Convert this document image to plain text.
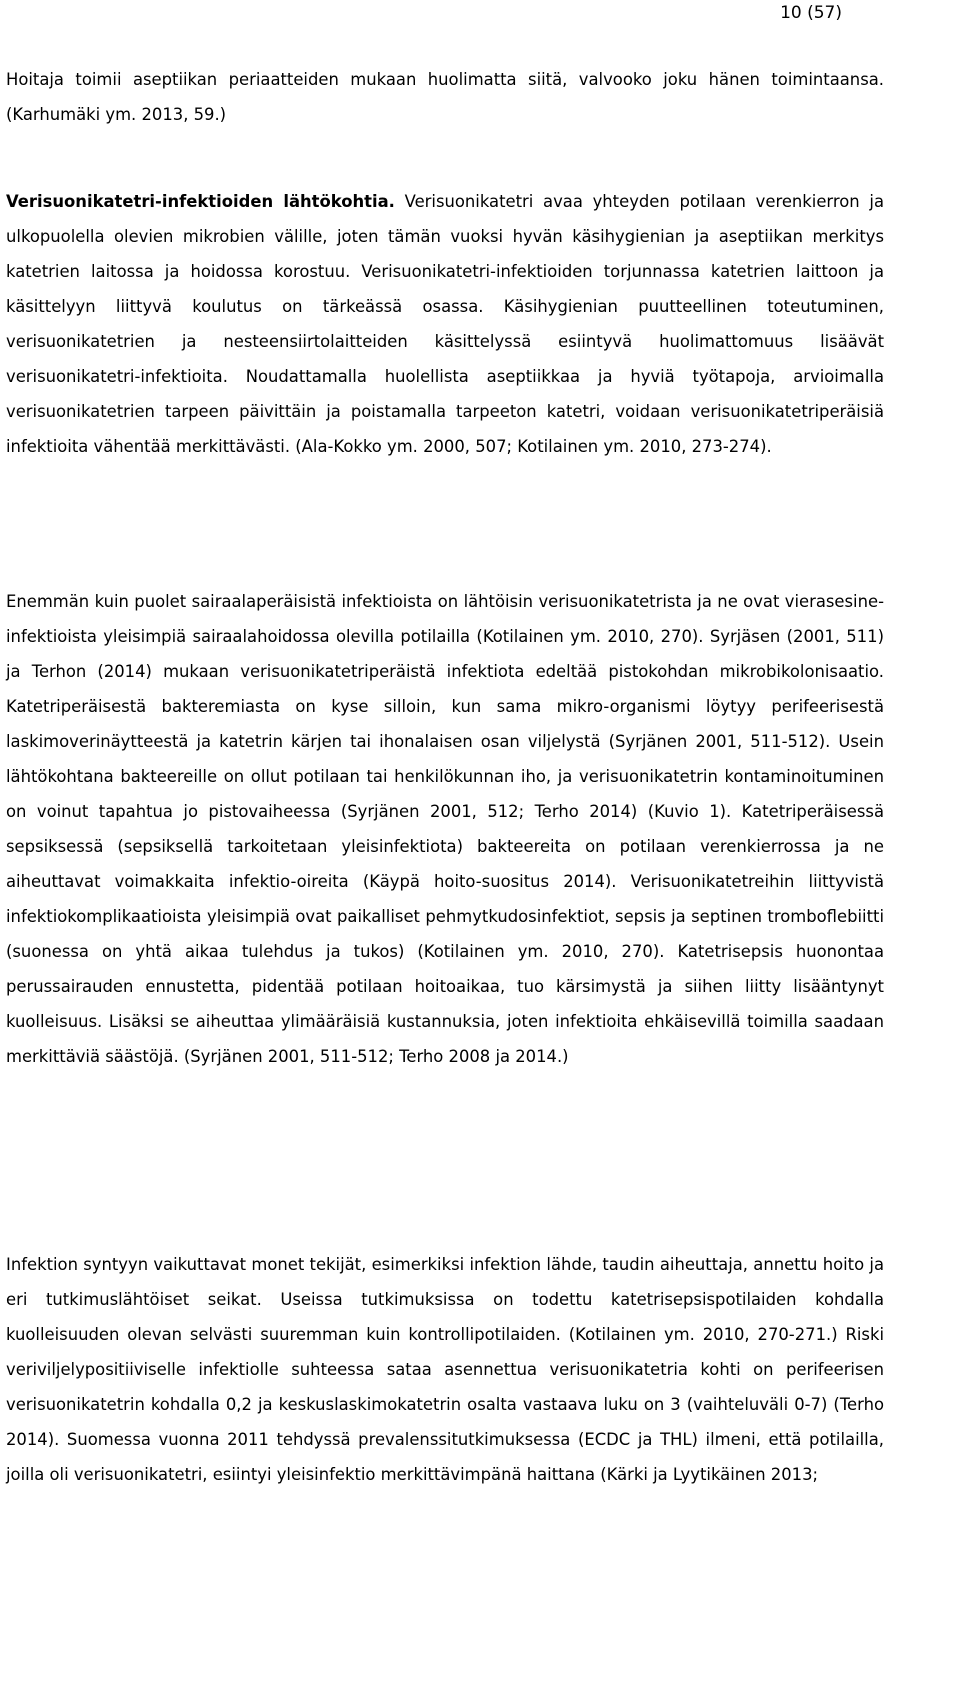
10 (57)

Hoitaja toimii aseptiikan periaatteiden mukaan huolimatta siitä, valvooko joku hänen toimintaansa. (Karhumäki ym. 2013, 59.)

Verisuonikatetri-infektioiden lähtökohtia. Verisuonikatetri avaa yhteyden potilaan verenkierron ja ulkopuolella olevien mikrobien välille, joten tämän vuoksi hyvän käsihygienian ja aseptiikan merkitys katetrien laitossa ja hoidossa korostuu. Verisuonikatetri-infektioiden torjunnassa katetrien laittoon ja käsittelyyn liittyvä koulutus on tärkeässä osassa. Käsihygienian puutteellinen toteutuminen, verisuonikatetrien ja nesteensiirtolaitteiden käsittelyssä esiintyvä huolimattomuus lisäävät verisuonikatetri-infektioita. Noudattamalla huolellista aseptiikkaa ja hyviä työtapoja, arvioimalla verisuonikatetrien tarpeen päivittäin ja poistamalla tarpeeton katetri, voidaan verisuonikatetriperäisiä infektioita vähentää merkittävästi. (Ala-Kokko ym. 2000, 507; Kotilainen ym. 2010, 273-274).

Enemmän kuin puolet sairaalaperäisistä infektioista on lähtöisin verisuonikatetrista ja ne ovat vierasesine-infektioista yleisimpiä sairaalahoidossa olevilla potilailla (Kotilainen ym. 2010, 270). Syrjäsen (2001, 511) ja Terhon (2014) mukaan verisuonikatetriperäistä infektiota edeltää pistokohdan mikrobikolonisaatio. Katetriperäisestä bakteremiasta on kyse silloin, kun sama mikro-organismi löytyy perifeerisestä laskimoverinäytteestä ja katetrin kärjen tai ihonalaisen osan viljelystä (Syrjänen 2001, 511-512). Usein lähtökohtana bakteereille on ollut potilaan tai henkilökunnan iho, ja verisuonikatetrin kontaminoituminen on voinut tapahtua jo pistovaiheessa (Syrjänen 2001, 512; Terho 2014) (Kuvio 1). Katetriperäisessä sepsiksessä (sepsiksellä tarkoitetaan yleisinfektiota) bakteereita on potilaan verenkierrossa ja ne aiheuttavat voimakkaita infektio-oireita (Käypä hoito-suositus 2014). Verisuonikatetreihin liittyvistä infektiokomplikaatioista yleisimpiä ovat paikalliset pehmytkudosinfektiot, sepsis ja septinen tromboflebiitti (suonessa on yhtä aikaa tulehdus ja tukos) (Kotilainen ym. 2010, 270). Katetrisepsis huonontaa perussairauden ennustetta, pidentää potilaan hoitoaikaa, tuo kärsimystä ja siihen liitty lisääntynyt kuolleisuus. Lisäksi se aiheuttaa ylimääräisiä kustannuksia, joten infektioita ehkäisevillä toimilla saadaan merkittäviä säästöjä. (Syrjänen 2001, 511-512; Terho 2008 ja 2014.)

Infektion syntyyn vaikuttavat monet tekijät, esimerkiksi infektion lähde, taudin aiheuttaja, annettu hoito ja eri tutkimuslähtöiset seikat. Useissa tutkimuksissa on todettu katetrisepsispotilaiden kohdalla kuolleisuuden olevan selvästi suuremman kuin kontrollipotilaiden. (Kotilainen ym. 2010, 270-271.) Riski veriviljelypositiiviselle infektiolle suhteessa sataa asennettua verisuonikatetria kohti on perifeerisen verisuonikatetrin kohdalla 0,2 ja keskuslaskimokatetrin osalta vastaava luku on 3 (vaihteluväli 0-7) (Terho 2014). Suomessa vuonna 2011 tehdyssä prevalenssitutkimuksessa (ECDC ja THL) ilmeni, että potilailla, joilla oli verisuonikatetri, esiintyi yleisinfektio merkittävimpänä haittana (Kärki ja Lyytikäinen 2013;
